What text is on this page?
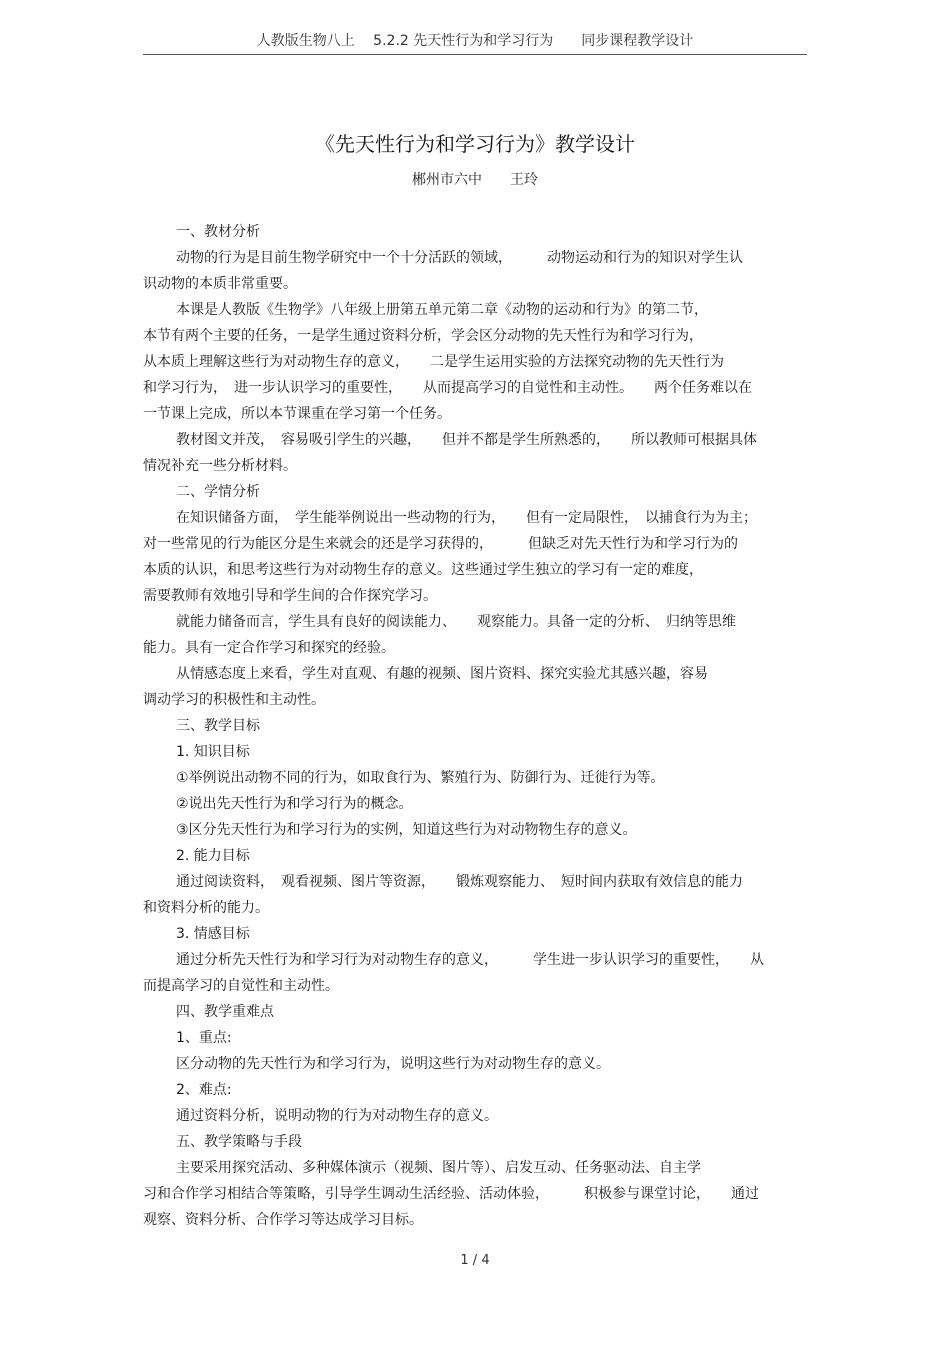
人教版生物八上　 5.2.2 先天性行为和学习行为　　同步课程教学设计
《先天性行为和学习行为》教学设计
郴州市六中　　王玲
一、教材分析
动物的行为是目前生物学研究中一个十分活跃的领域，　　　动物运动和行为的知识对学生认
识动物的本质非常重要。
本课是人教版《生物学》八年级上册第五单元第二章《动物的运动和行为》的第二节，
本节有两个主要的任务，一是学生通过资料分析，学会区分动物的先天性行为和学习行为，
从本质上理解这些行为对动物生存的意义，　　二是学生运用实验的方法探究动物的先天性行为
和学习行为，　进一步认识学习的重要性，　　从而提高学习的自觉性和主动性。　　两个任务难以在
一节课上完成，所以本节课重在学习第一个任务。
教材图文并茂，　容易吸引学生的兴趣，　　但并不都是学生所熟悉的，　　所以教师可根据具体
情况补充一些分析材料。
二、学情分析
在知识储备方面，　学生能举例说出一些动物的行为，　　但有一定局限性，　以捕食行为为主；
对一些常见的行为能区分是生来就会的还是学习获得的，　　　但缺乏对先天性行为和学习行为的
本质的认识，和思考这些行为对动物生存的意义。这些通过学生独立的学习有一定的难度，
需要教师有效地引导和学生间的合作探究学习。
就能力储备而言，学生具有良好的阅读能力、　　观察能力。具备一定的分析、　归纳等思维
能力。具有一定合作学习和探究的经验。
从情感态度上来看，学生对直观、有趣的视频、图片资料、探究实验尤其感兴趣，容易
调动学习的积极性和主动性。
三、教学目标
1. 知识目标
①举例说出动物不同的行为，如取食行为、繁殖行为、防御行为、迁徙行为等。
②说出先天性行为和学习行为的概念。
③区分先天性行为和学习行为的实例，知道这些行为对动物物生存的意义。
2. 能力目标
通过阅读资料，　观看视频、图片等资源，　　锻炼观察能力、　短时间内获取有效信息的能力
和资料分析的能力。
3. 情感目标
通过分析先天性行为和学习行为对动物生存的意义，　　　学生进一步认识学习的重要性，　　从
而提高学习的自觉性和主动性。
四、教学重难点
1、重点:
区分动物的先天性行为和学习行为，说明这些行为对动物生存的意义。
2、难点:
通过资料分析，说明动物的行为对动物生存的意义。
五、教学策略与手段
主要采用探究活动、多种媒体演示（视频、图片等）、启发互动、任务驱动法、自主学
习和合作学习相结合等策略，引导学生调动生活经验、活动体验，　　　积极参与课堂讨论，　　通过
观察、资料分析、合作学习等达成学习目标。
1 / 4
